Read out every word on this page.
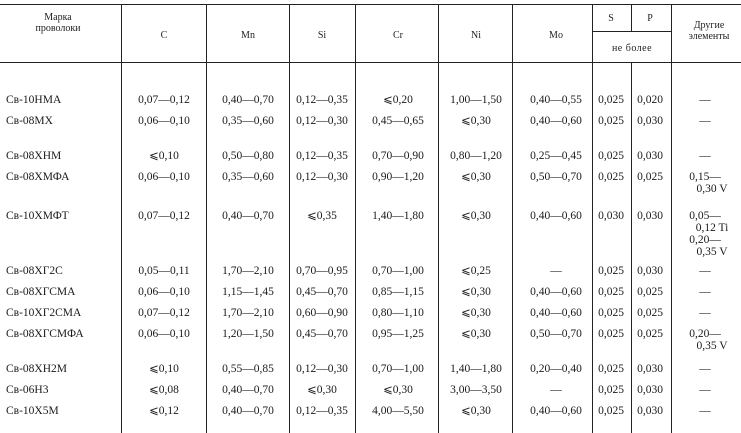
Марка
проволоки
C	Mn	Si	Cr	Ni	Mo
S	P
не более
Другие
элементы
Св-10НМА	0,07—0,12	0,40—0,70 0,12—0,35	⩽0,20	1,00—1,50 0,40—0,55 0,025 0,020	—
Св-08МХ	0,06—0,10	0,35—0,60 0,12—0,30 0,45—0,65	⩽0,30	0,40—0,60 0,025 0,030	—
Св-08ХНМ	⩽0,10	0,50—0,80 0,12—0,35 0,70—0,90 0,80—1,20 0,25—0,45 0,025 0,030	—
Св-08ХМФА	0,06—0,10	0,35—0,60 0,12—0,30 0,90—1,20	⩽0,30	0,50—0,70 0,025 0,025 0,15—
0,30 V
Св-10ХМФТ	0,07—0,12	0,40—0,70	⩽0,35	1,40—1,80	⩽0,30	0,40—0,60 0,030 0,030 0,05—
0,12 Ti
0,20—
0,35 V
Св-08ХГ2С	0,05—0,11	1,70—2,10 0,70—0,95 0,70—1,00	⩽0,25	—	0,025 0,030	—
Св-08ХГСМА	0,06—0,10	1,15—1,45 0,45—0,70 0,85—1,15	⩽0,30	0,40—0,60 0,025 0,025	—
Св-10ХГ2СМА	0,07—0,12	1,70—2,10 0,60—0,90 0,80—1,10	⩽0,30	0,40—0,60 0,025 0,025	—
Св-08ХГСМФА	0,06—0,10	1,20—1,50 0,45—0,70 0,95—1,25	⩽0,30	0,50—0,70 0,025 0,025 0,20—
0,35 V
Св-08ХН2М	⩽0,10	0,55—0,85 0,12—0,30 0,70—1,00 1,40—1,80 0,20—0,40 0,025 0,030	—
Св-06Н3	⩽0,08	0,40—0,70	⩽0,30	⩽0,30	3,00—3,50	—	0,025 0,030	—
Св-10Х5М	⩽0,12	0,40—0,70 0,12—0,35 4,00—5,50	⩽0,30	0,40—0,60 0,025 0,030	—
